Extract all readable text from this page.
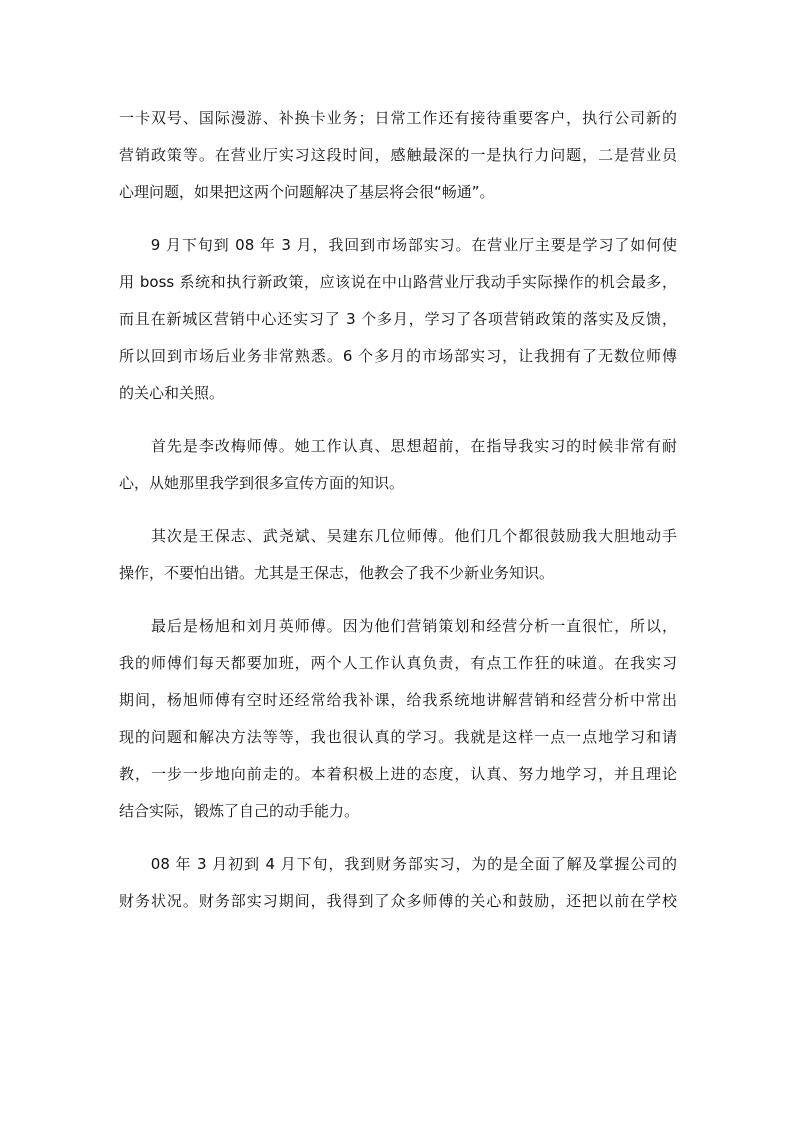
一卡双号、国际漫游、补换卡业务；日常工作还有接待重要客户，执行公司新的
营销政策等。在营业厅实习这段时间，感触最深的一是执行力问题，二是营业员
心理问题，如果把这两个问题解决了基层将会很“畅通”。
　　9 月下旬到 08 年 3 月，我回到市场部实习。在营业厅主要是学习了如何使
用 boss 系统和执行新政策，应该说在中山路营业厅我动手实际操作的机会最多，
而且在新城区营销中心还实习了 3 个多月，学习了各项营销政策的落实及反馈，
所以回到市场后业务非常熟悉。6 个多月的市场部实习，让我拥有了无数位师傅
的关心和关照。
　　首先是李改梅师傅。她工作认真、思想超前，在指导我实习的时候非常有耐
心，从她那里我学到很多宣传方面的知识。
　　其次是王保志、武尧斌、吴建东几位师傅。他们几个都很鼓励我大胆地动手
操作，不要怕出错。尤其是王保志，他教会了我不少新业务知识。
　　最后是杨旭和刘月英师傅。因为他们营销策划和经营分析一直很忙，所以，
我的师傅们每天都要加班，两个人工作认真负责，有点工作狂的味道。在我实习
期间，杨旭师傅有空时还经常给我补课，给我系统地讲解营销和经营分析中常出
现的问题和解决方法等等，我也很认真的学习。我就是这样一点一点地学习和请
教，一步一步地向前走的。本着积极上进的态度，认真、努力地学习，并且理论
结合实际，锻炼了自己的动手能力。
　　08 年 3 月初到 4 月下旬，我到财务部实习，为的是全面了解及掌握公司的
财务状况。财务部实习期间，我得到了众多师傅的关心和鼓励，还把以前在学校
